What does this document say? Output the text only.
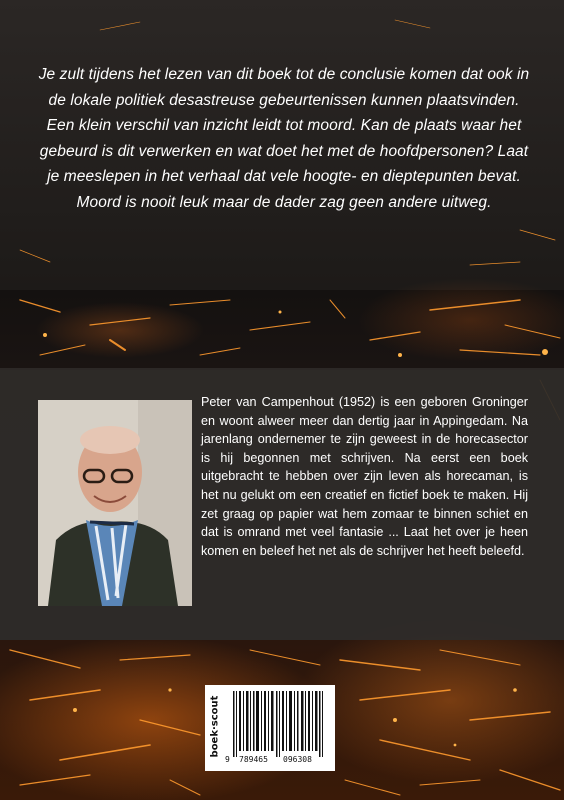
Je zult tijdens het lezen van dit boek tot de conclusie komen dat ook in de lokale politiek desastreuse gebeurtenissen kunnen plaatsvinden. Een klein verschil van inzicht leidt tot moord. Kan de plaats waar het gebeurd is dit verwerken en wat doet het met de hoofdpersonen? Laat je meeslepen in het verhaal dat vele hoogte- en dieptepunten bevat. Moord is nooit leuk maar de dader zag geen andere uitweg.
Peter van Campenhout (1952) is een geboren Groninger en woont alweer meer dan dertig jaar in Appingedam. Na jarenlang ondernemer te zijn geweest in de horecasector is hij begonnen met schrijven. Na eerst een boek uitgebracht te hebben over zijn leven als horecaman, is het nu gelukt om een creatief en fictief boek te maken. Hij zet graag op papier wat hem zomaar te binnen schiet en dat is omrand met veel fantasie ... Laat het over je heen komen en beleef het net als de schrijver het heeft beleefd.
9 789465 096308
boek·scout
